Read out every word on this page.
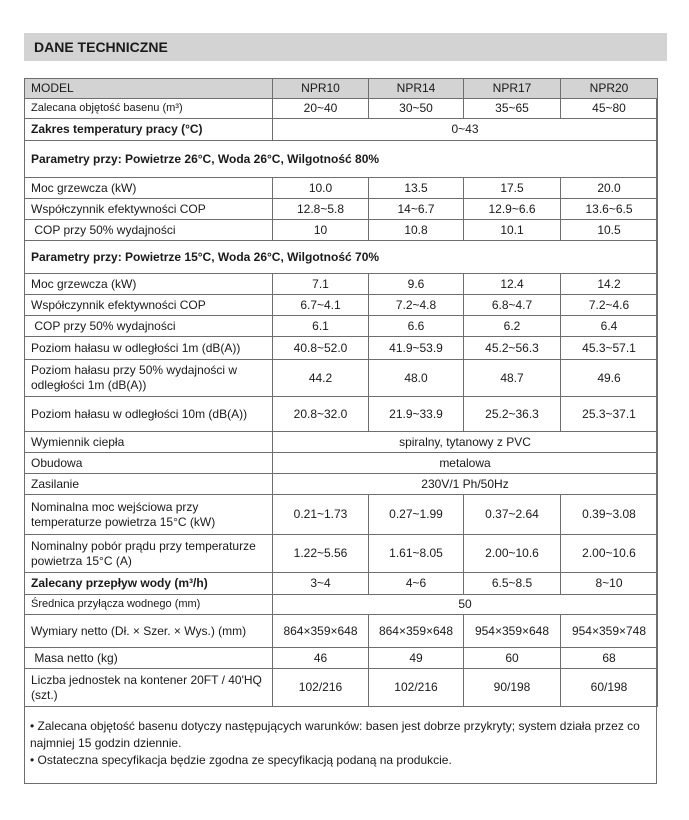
DANE TECHNICZNE
MODEL	NPR10	NPR14	NPR17	NPR20
Zalecana objętość basenu (m³)	20~40	30~50	35~65	45~80
Zakres temperatury pracy (°C)	0~43			
Parametry przy: Powietrze 26°C, Woda 26°C, Wilgotność 80%				
Moc grzewcza (kW)	10.0	13.5	17.5	20.0
Współczynnik efektywności COP	12.8~5.8	14~6.7	12.9~6.6	13.6~6.5
COP przy 50% wydajności	10	10.8	10.1	10.5
Parametry przy: Powietrze 15°C, Woda 26°C, Wilgotność 70%				
Moc grzewcza (kW)	7.1	9.6	12.4	14.2
Współczynnik efektywności COP	6.7~4.1	7.2~4.8	6.8~4.7	7.2~4.6
COP przy 50% wydajności	6.1	6.6	6.2	6.4
Poziom hałasu w odległości 1m (dB(A))	40.8~52.0	41.9~53.9	45.2~56.3	45.3~57.1
Poziom hałasu przy 50% wydajności w odległości 1m (dB(A))	44.2	48.0	48.7	49.6
Poziom hałasu w odległości 10m (dB(A))	20.8~32.0	21.9~33.9	25.2~36.3	25.3~37.1
Wymiennik ciepła	spiralny, tytanowy z PVC			
Obudowa	metalowa			
Zasilanie	230V/1 Ph/50Hz			
Nominalna moc wejściowa przy temperaturze powietrza 15°C (kW)	0.21~1.73	0.27~1.99	0.37~2.64	0.39~3.08
Nominalny pobór prądu przy temperaturze powietrza 15°C (A)	1.22~5.56	1.61~8.05	2.00~10.6	2.00~10.6
Zalecany przepływ wody (m³/h)	3~4	4~6	6.5~8.5	8~10
Średnica przyłącza wodnego (mm)	50			
Wymiary netto (Dł. × Szer. × Wys.) (mm)	864×359×648	864×359×648	954×359×648	954×359×748
Masa netto (kg)	46	49	60	68
Liczba jednostek na kontener 20FT / 40'HQ (szt.)	102/216	102/216	90/198	60/198

• Zalecana objętość basenu dotyczy następujących warunków: basen jest dobrze przykryty; system działa przez co najmniej 15 godzin dziennie.

• Ostateczna specyfikacja będzie zgodna ze specyfikacją podaną na produkcie.
